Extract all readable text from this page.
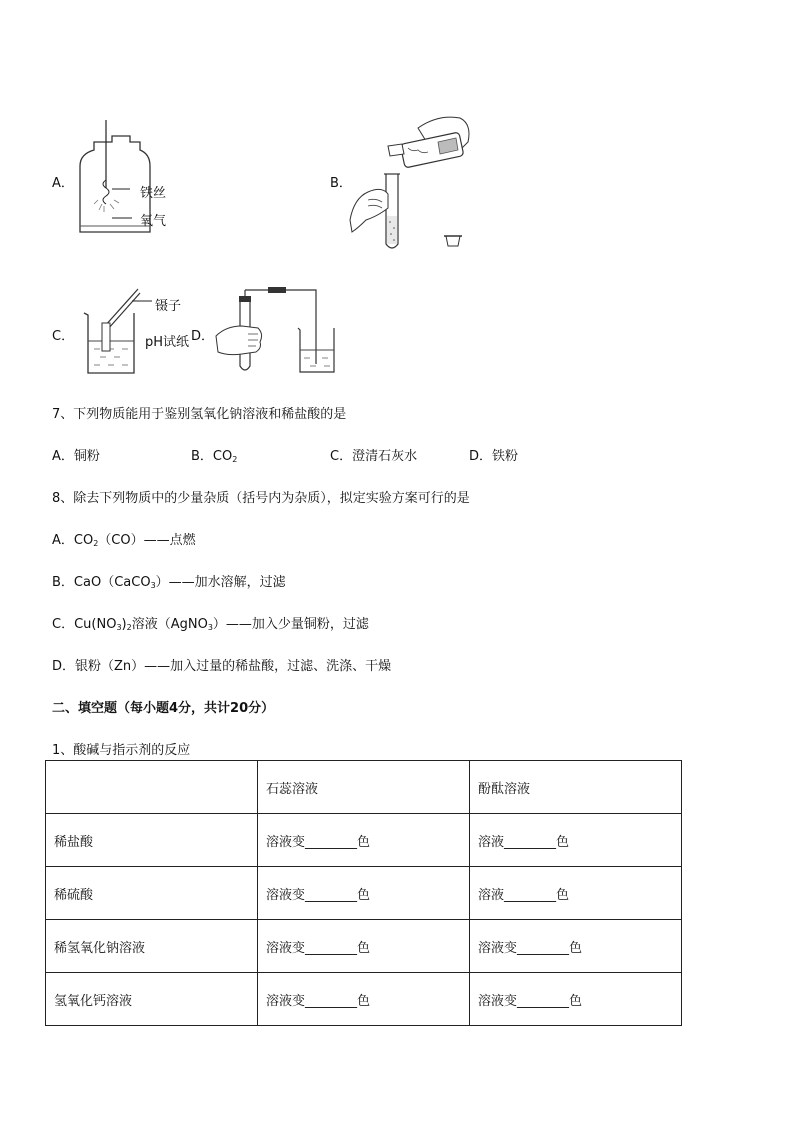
A．
铁丝
氧气
B．
C．
镊子
pH试纸 D．
7、下列物质能用于鉴别氢氧化钠溶液和稀盐酸的是
A．铜粉	B．$CO_2$	C．澄清石灰水	D．铁粉
8、除去下列物质中的少量杂质（括号内为杂质），拟定实验方案可行的是
A．$CO_2(CO)——$点燃
B．CaO（CaCO$_3$）——加水溶解，过滤
C．$Cu(NO_3)_2$溶液（AgNO$_3$）——加入少量铜粉，过滤
D．银粉（Zn）——加入过量的稀盐酸，过滤、洗涤、干燥
二、填空题（每小题4分，共计20分）
1、酸碱与指示剂的反应
	石蕊溶液	酚酞溶液
稀盐酸	溶液变________色	溶液________色
稀硫酸	溶液变________色	溶液________色
稀氢氧化钠溶液	溶液变________色	溶液变________色
氢氧化钙溶液	溶液变________色	溶液变________色
